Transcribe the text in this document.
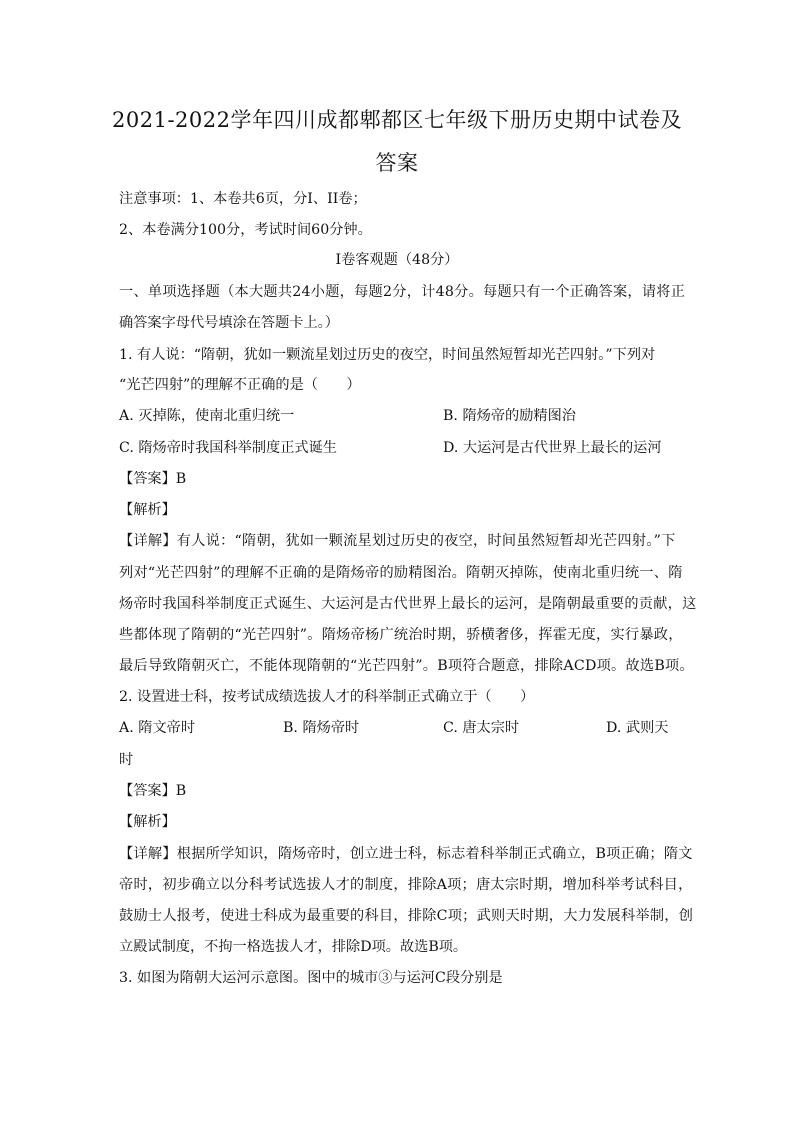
2021-2022学年四川成都郫都区七年级下册历史期中试卷及
答案
注意事项：1、本卷共6页，分I、II卷；
2、本卷满分100分，考试时间60分钟。
Ⅰ卷客观题（48分）
一、单项选择题（本大题共24小题，每题2分，计48分。每题只有一个正确答案，请将正
确答案字母代号填涂在答题卡上。）
1. 有人说：“隋朝，犹如一颗流星划过历史的夜空，时间虽然短暂却光芒四射。”下列对
“光芒四射”的理解不正确的是（　　）
A. 灭掉陈，使南北重归统一	B. 隋炀帝的励精图治
C. 隋炀帝时我国科举制度正式诞生	D. 大运河是古代世界上最长的运河
【答案】B
【解析】
【详解】有人说：“隋朝，犹如一颗流星划过历史的夜空，时间虽然短暂却光芒四射。”下
列对“光芒四射”的理解不正确的是隋炀帝的励精图治。隋朝灭掉陈，使南北重归统一、隋
炀帝时我国科举制度正式诞生、大运河是古代世界上最长的运河，是隋朝最重要的贡献，这
些都体现了隋朝的“光芒四射”。隋炀帝杨广统治时期，骄横奢侈，挥霍无度，实行暴政，
最后导致隋朝灭亡，不能体现隋朝的“光芒四射”。B项符合题意，排除ACD项。故选B项。
2. 设置进士科，按考试成绩选拔人才的科举制正式确立于（　　）
A. 隋文帝时	B. 隋炀帝时	C. 唐太宗时	D. 武则天
时
【答案】B
【解析】
【详解】根据所学知识，隋炀帝时，创立进士科，标志着科举制正式确立，B项正确；隋文
帝时，初步确立以分科考试选拔人才的制度，排除A项；唐太宗时期，增加科举考试科目，
鼓励士人报考，使进士科成为最重要的科目，排除C项；武则天时期，大力发展科举制，创
立殿试制度，不拘一格选拔人才，排除D项。故选B项。
3. 如图为隋朝大运河示意图。图中的城市③与运河C段分别是
